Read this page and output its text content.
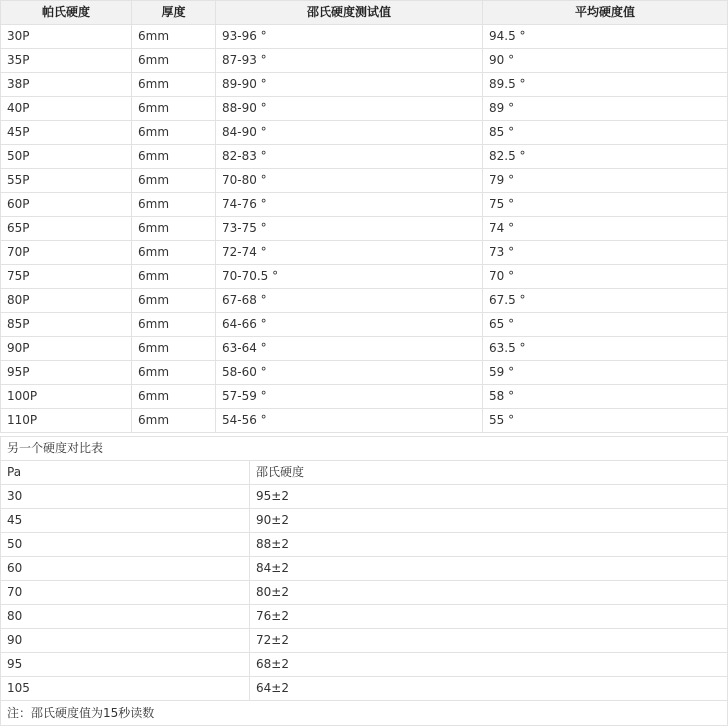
帕氏硬度	厚度	邵氏硬度测试值	平均硬度值
30P	6mm	93-96 °	94.5 °
35P	6mm	87-93 °	90 °
38P	6mm	89-90 °	89.5 °
40P	6mm	88-90 °	89 °
45P	6mm	84-90 °	85 °
50P	6mm	82-83 °	82.5 °
55P	6mm	70-80 °	79 °
60P	6mm	74-76 °	75 °
65P	6mm	73-75 °	74 °
70P	6mm	72-74 °	73 °
75P	6mm	70-70.5 °	70 °
80P	6mm	67-68 °	67.5 °
85P	6mm	64-66 °	65 °
90P	6mm	63-64 °	63.5 °
95P	6mm	58-60 °	59 °
100P	6mm	57-59 °	58 °
110P	6mm	54-56 °	55 °
另一个硬度对比表	
Pa	邵氏硬度
30	95±2
45	90±2
50	88±2
60	84±2
70	80±2
80	76±2
90	72±2
95	68±2
105	64±2
注：邵氏硬度值为15秒读数
